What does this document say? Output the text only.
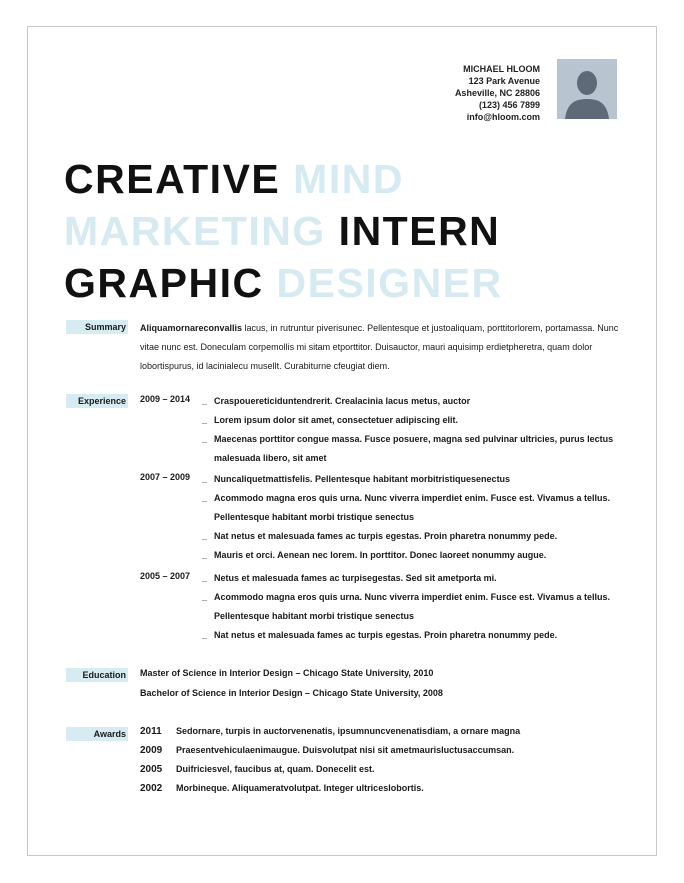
MICHAEL HLOOM
123 Park Avenue
Asheville, NC 28806
(123) 456 7899
info@hloom.com
CREATIVE MIND
MARKETING INTERN
GRAPHIC DESIGNER
Summary Aliquamornareconvallis lacus, in rutruntur piverisunec. Pellentesque et justoaliquam, porttitorlorem, portamassa. Nunc vitae nunc est. Doneculam corpemollis mi sitam etporttitor. Duisauctor, mauri aquisimp erdietpheretra, quam dolor lobortispurus, id lacinialecu musellt. Curabiturne cfeugiat diem.
Experience 2009 – 2014 _ Craspouereticiduntendrerit. Crealacinia lacus metus, auctor
_ Lorem ipsum dolor sit amet, consectetuer adipiscing elit.
_ Maecenas porttitor congue massa. Fusce posuere, magna sed pulvinar ultricies, purus lectus malesuada libero, sit amet
2007 – 2009 _ Nuncaliquetmattisfelis. Pellentesque habitant morbitristiquesenectus
_ Acommodo magna eros quis urna. Nunc viverra imperdiet enim. Fusce est. Vivamus a tellus. Pellentesque habitant morbi tristique senectus
_ Nat netus et malesuada fames ac turpis egestas. Proin pharetra nonummy pede.
_ Mauris et orci. Aenean nec lorem. In porttitor. Donec laoreet nonummy augue.
2005 – 2007 _ Netus et malesuada fames ac turpisegestas. Sed sit ametporta mi.
_ Acommodo magna eros quis urna. Nunc viverra imperdiet enim. Fusce est. Vivamus a tellus. Pellentesque habitant morbi tristique senectus
_ Nat netus et malesuada fames ac turpis egestas. Proin pharetra nonummy pede.
Education Master of Science in Interior Design – Chicago State University, 2010
Bachelor of Science in Interior Design – Chicago State University, 2008
Awards 2011 Sedornare, turpis in auctorvenenatis, ipsumnuncvenenatisdiam, a ornare magna
2009 Praesentvehiculaenimaugue. Duisvolutpat nisi sit ametmaurisluctusaccumsan.
2005 Duifriciesvel, faucibus at, quam. Donecelit est.
2002 Morbineque. Aliquameratvolutpat. Integer ultriceslobortis.
